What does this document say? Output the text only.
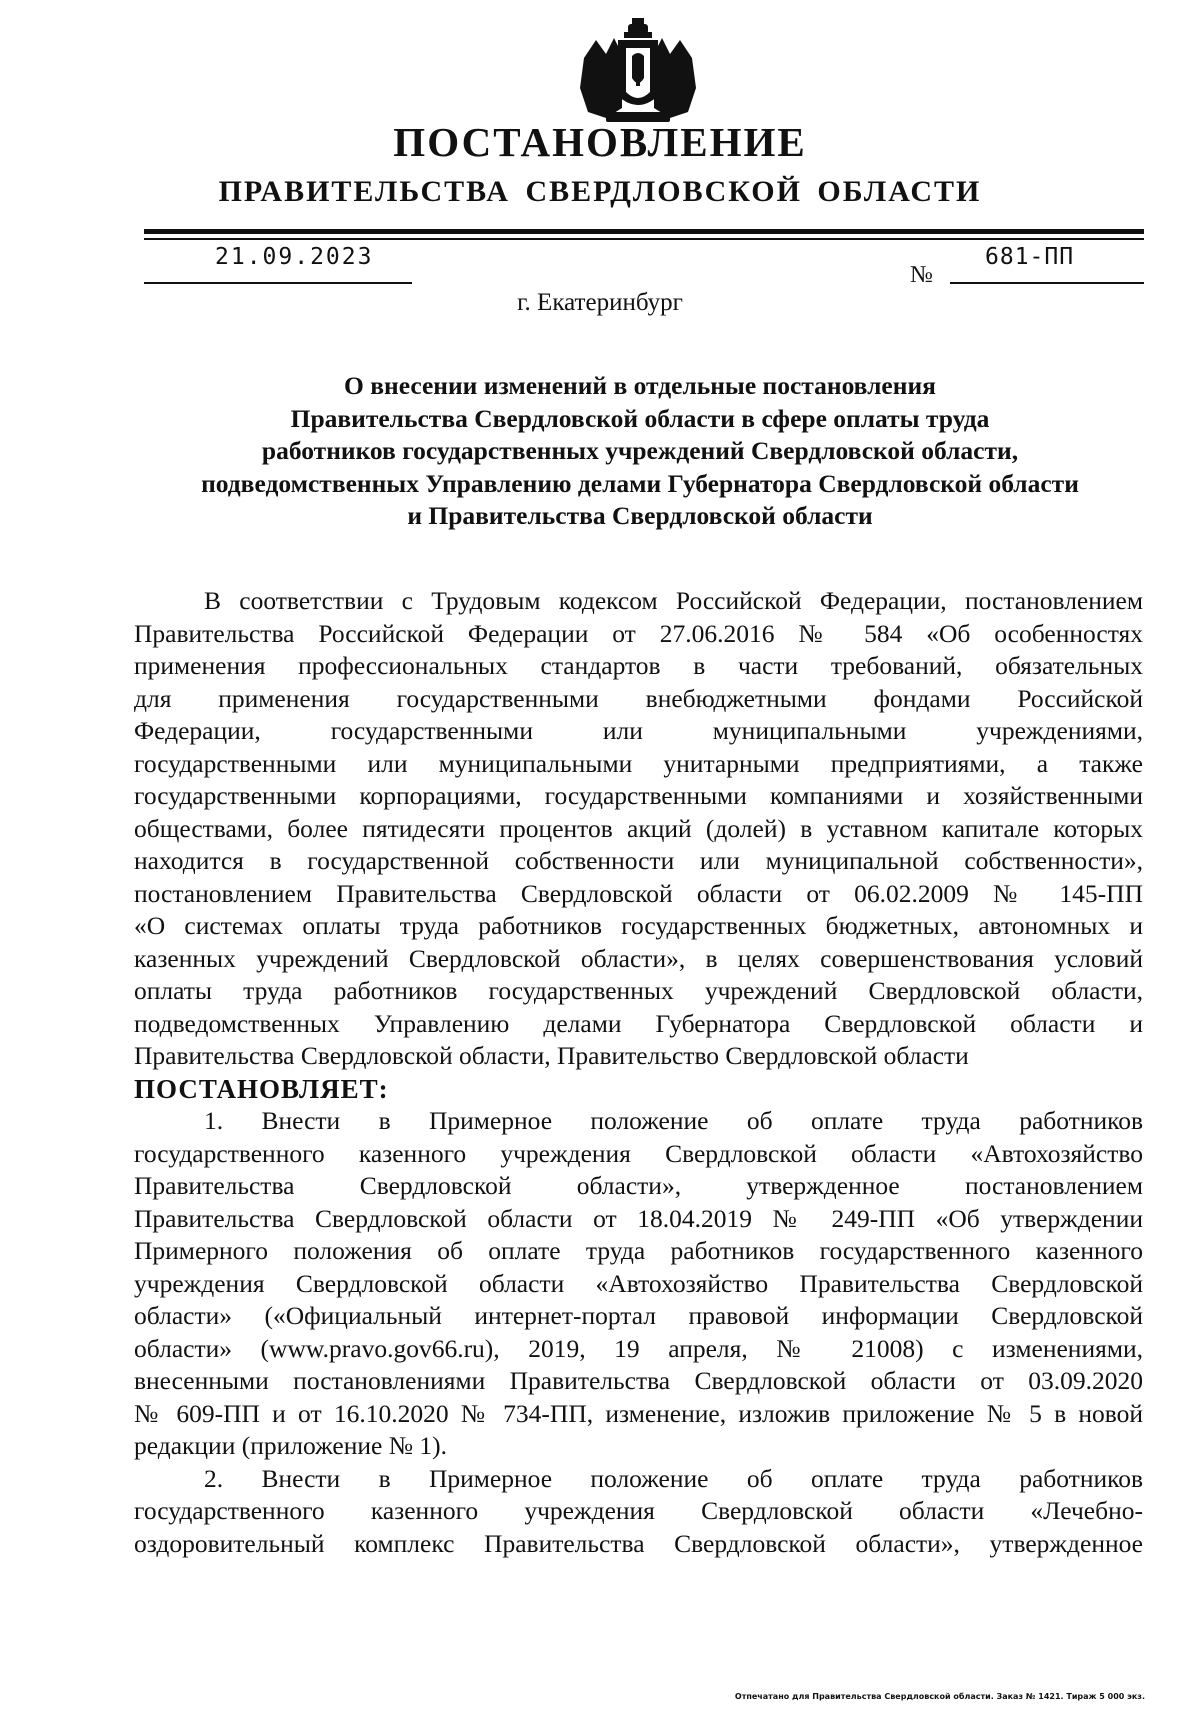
ПОСТАНОВЛЕНИЕ
ПРАВИТЕЛЬСТВА СВЕРДЛОВСКОЙ ОБЛАСТИ
21.09.2023
№
681-ПП
г. Екатеринбург
О внесении изменений в отдельные постановления
Правительства Свердловской области в сфере оплаты труда
работников государственных учреждений Свердловской области,
подведомственных Управлению делами Губернатора Свердловской области
и Правительства Свердловской области
В соответствии с Трудовым кодексом Российской Федерации, постановлением
Правительства Российской Федерации от 27.06.2016 № 584 «Об особенностях
применения профессиональных стандартов в части требований, обязательных
для применения государственными внебюджетными фондами Российской
Федерации, государственными или муниципальными учреждениями,
государственными или муниципальными унитарными предприятиями, а также
государственными корпорациями, государственными компаниями и хозяйственными
обществами, более пятидесяти процентов акций (долей) в уставном капитале которых
находится в государственной собственности или муниципальной собственности»,
постановлением Правительства Свердловской области от 06.02.2009 № 145-ПП
«О системах оплаты труда работников государственных бюджетных, автономных и
казенных учреждений Свердловской области», в целях совершенствования условий
оплаты труда работников государственных учреждений Свердловской области,
подведомственных Управлению делами Губернатора Свердловской области и
Правительства Свердловской области, Правительство Свердловской области
ПОСТАНОВЛЯЕТ:
1. Внести в Примерное положение об оплате труда работников
государственного казенного учреждения Свердловской области «Автохозяйство
Правительства Свердловской области», утвержденное постановлением
Правительства Свердловской области от 18.04.2019 № 249-ПП «Об утверждении
Примерного положения об оплате труда работников государственного казенного
учреждения Свердловской области «Автохозяйство Правительства Свердловской
области» («Официальный интернет-портал правовой информации Свердловской
области» (www.pravo.gov66.ru), 2019, 19 апреля, № 21008) с изменениями,
внесенными постановлениями Правительства Свердловской области от 03.09.2020
№ 609-ПП и от 16.10.2020 № 734-ПП, изменение, изложив приложение № 5 в новой
редакции (приложение № 1).
2. Внести в Примерное положение об оплате труда работников
государственного казенного учреждения Свердловской области «Лечебно-
оздоровительный комплекс Правительства Свердловской области», утвержденное
Отпечатано для Правительства Свердловской области. Заказ № 1421. Тираж 5 000 экз.
